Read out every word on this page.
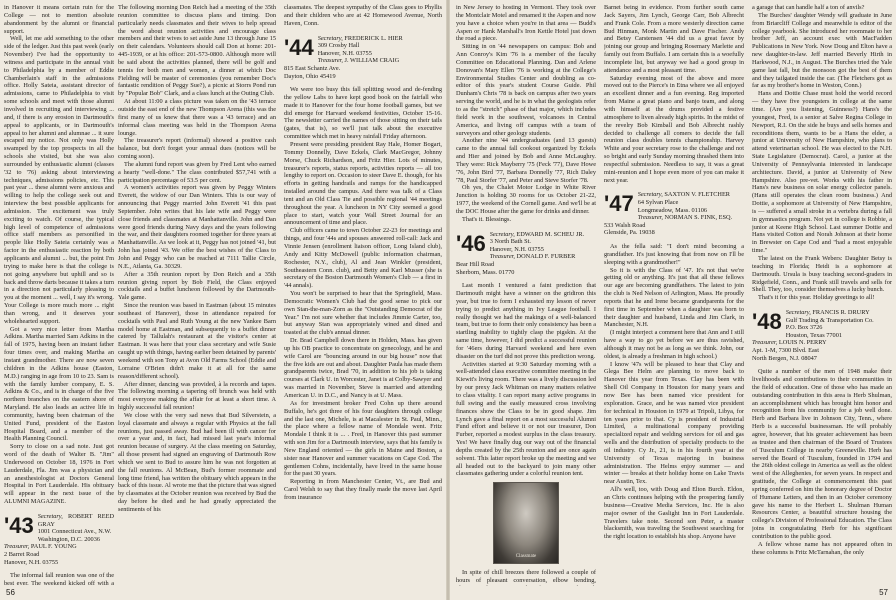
in Hanover it means certain ruin for the College — not to mention absolute abandonment by the alumni or financial support.

Well, let me add something to the other side of the ledger. Just this past week (early November) I've had the opportunity to witness and participate in the annual visit to Philadelphia by a member of Eddie Chamberlain's staff in the admissions office. Holly Sateia, assistant director of admissions, came to Philadelphia to visit some schools and meet with those alumni involved in recruiting and interviewing ... and, if there is any erosion in Dartmouth's appeal to applicants, or in Dartmouth's appeal to her alumni and alumnae ... it sure escaped my notice. Not only was Holly swamped by the top prospects in all the schools she visited, but she was also surrounded by enthusiastic alumni (classes '32 to '76) asking about interviewing techniques, admissions policies, etc. This past year ... these alumni were anxious and willing to help the college seek out and interview the best possible applicants for admission. The excitement was truly exciting to watch. Of course, the typical high level of competence of admissions office staff members as personified in people like Holly Sateia certainly was a factor in the enthusiastic reaction by both applicants and alumni ... but, the point I'm trying to make here is that the college is not going anywhere but uphill and so is back and throw darts because it takes a turn in a direction not particularly pleasing to you at the moment ... well, I say it's wrong. Your College is more much more ... right than wrong, and it deserves your wholehearted support.

Got a very nice letter from Martha Adkins. Martha married Sam Adkins in the fall of 1975, having been an instant father four times over, and making Martha an instant grandmother. There are now seven children in the Adkins house (Easton, M.D.) ranging in age from 10 to 23. Sam is with the family lumber company, E. S. Adkins & Co., and is in charge of the five northern branches on the eastern shore of Maryland. He also leads an active life in community, having been chairman of the United Fund, president of the Easton Hospital Board, and a member of the Health Planning Council.

Sorry to close on a sad note. Just got word of the death of Walter B. "Jim" Underwood on October 18, 1976 in Fort Lauderdale, Fla. Jim was a physician and an anesthesiologist at Doctors General Hospital in Fort Lauderdale. His obituary will appear in the next issue of the ALUMNI MAGAZINE.

'43 Secretary, ROBERT REED GRAY
1001 Connecticut Ave., N.W.
Washington, D.C. 20036
Treasurer, PAUL F. YOUNG
2 Barret Road
Hanover, N.H. 03755

The informal fall reunion was one of the best ever. The weekend kicked off with a

The following morning Don Reich had a meeting of the 35th reunion committee to discuss plans and timing. Don particularly needs classmates and their wives to help spread the word about reunion activities and encourage class members and their wives to set aside June 13 through June 15 on their calendars. Volunteers should call Don at home: 201-445-1939, or at his office: 201-573-0800. Although more will be said about the activities planned, there will be golf and tennis for both men and women, a dinner at which Doc Fielding will be master of ceremonies (you remember Doc's fantastic rendition of Peggy Sue?), a picnic at Storrs Pond run by "Popular Bob" Clark, and a class lunch at the Outing Club.

At about 11:00 a class picture was taken on the '43 terrace outside the east end of the new Thompson Arena (this was the first many of us knew that there was a '43 terrace) and an informal class meeting was held in the Thompson Arena lounge.

The treasurer's report (informal) showed a positive cash balance, but don't forget your annual dues (notices will be coming soon).

The alumni fund report was given by Fred Lent who earned a hearty "well-done." The class contributed $57,741 with a participation percentage of 53.5 per cent.

A women's activities report was given by Peggy Winters Everett, the widow of our Dan Winters. This is our way of announcing that Peggy married John Everett '41 this past September. John writes that his late wife and Peggy were close friends and classmates at Manhattanville. John and Dan were good friends during Navy days and the years following the war, and their daughters roomed together for three years at Manhattanville. As we look at it, Peggy has not joined '41, but John has joined '43. We offer the best wishes of the Class to John and Peggy who can be reached at 7111 Tallie Circle, N.E., Atlanta, Ga. 30329.

After a 35th reunion report by Don Reich and a 35th reunion giving report by Bob Field, the Class enjoyed cocktails and a buffet luncheon followed by the Dartmouth-Yale game.

Since the reunion was based in Eastman (about 15 minutes southeast of Hanover), those in attendance repaired for cocktails with Paul and Ruth Young at the new Yankee Barn model home at Eastman, and subsequently to a buffet dinner catered by Tallulah's restaurant at the visitor's center at Eastman. It was here that your class secretary and wife Susie caught up with things, having earlier been detained by parents' weekend with son Tony at Avon Old Farms School (Eddie and Lorraine O'Brien didn't make it at all for the same reason/different school).

After dinner, dancing was provided, à la records and tapes. The following morning a tapering off brunch was held with most everyone making the affair for at least a short time. A highly successful fall reunion!

We close with the very sad news that Bud Silverstein, a loyal classmate and always a regular with Physics at the fall reunions, just passed away. Bud had been ill with cancer for over a year and, in fact, had missed last year's informal reunion because of surgery. At the class meeting on Saturday, all those present had signed an engraving of Dartmouth Row which we sent to Bud to assure him he was not forgotten at the fall reunions. Al McBean, Bud's former roommate and long time friend, has written the obituary which appears in the back of this issue. Al wrote me that the picture that was signed by classmates at the October reunion was received by Bud the day before he died and he had greatly appreciated the sentiments of his

classmates. The deepest sympathy of the Class goes to Phyllis and their children who are at 42 Homewood Avenue, North Haven, Conn.

'44 Secretary, FREDERICK L. HIER
309 Crosby Hall
Hanover, N.H. 03755
Treasurer, J. WILLIAM CRAIG
815 East Schantz Ave.
Dayton, Ohio 45419

We were too busy this fall splitting wood and de-fending the yellow Labs to have kept good book on the fairfall who made it to Hanover for the four home football games, but we did emerge for Harvard weekend festivities, October 15-16. The newsletter carried the names of those sitting on their tails (gates, that is), so we'll just talk about the executive committee which met in heavy rainfall Friday afternoon.

Present were presiding president Ray Hale, Homer Bogart, Tommy Donnelly, Dave Eckels, Clark MacGregor, Johnny Morse, Chuck Richardson, and Fritz Hier. Lots of minutes, treasurer's reports, status reports, activities reports — all too lengthy to report on. Occasion to steer Dave E. though, for his efforts in getting handrails and ramps for the handicapped installed around the campus. And there was talk of a Class tent and an Old Class Tie and possible regional '44 meetings throughout the year. A luncheon in NY City seemed a good place to start, watch your Wall Street Journal for an announcement of time and place.

Club officers came to town October 22-23 for meetings and things, and four '44s and spouses answered roll-call: Jack and Vinnie Jensen (enrollment liaison officer, Long Island club), Andy and Kitty McDowell (public information chairman, Rochester, N.Y., club), Al and Jean Winkler (president, Southeastern Conn. club), and Betty and Karl Musser (she is secretary of the Boston Dartmouth Women's Club — a first in '44 annals).

You won't be surprised to hear that the Springfield, Mass. Democratic Women's Club had the good sense to pick our own Stan-the-man-Zorn as the "Outstanding Democrat of the Year." I'm not sure whether that includes Jimmie Carter, too, but anyway Stan was appropriately wined and dined and toasted at the club's annual dinner.

Dr. Brad Campbell down there in Holden, Mass. has given up his OB practice to concentrate on gynecology, and he and wife Carol are "bouncing around in our big house" now that the five kids are out and about. Daughter Paula has made them grandparents twice, Brad '70, in addition to his job is taking courses at Clark U. in Worcester, Janet is at Colby-Sawyer and was married in November, Steve is married and attending American U. in D.C., and Nancy is at U. Mass.

As for investment broker Fred Cohn up there around Buffalo, he's got three of his four daughters through college and the last one, Michele, is at Macalester in St. Paul, Minn., the place where a fellow name of Mondale went. Fritz Mondale I think it is ... . Fred, in Hanover this past summer with son Jim for a Dartmouth interview, says that his family is New England oriented — the girls in Maine and Boston, a sister near Hanover and summer vacations on Cape Cod. The gentlemen Cohns, incidentally, have lived in the same house for the past 30 years.

Reporting in from Manchester Center, Vt., are Bud and Carol Welsh to say that they finally made the move last April from insurance

56

in New Jersey to hosting in Vermont. They took over the Montclair Motel and renamed it the Aspen and now you have a choice when you're in that area — Budd's Aspen or Hank Marshall's Iron Kettle Hotel just down the road a piece.

Sitting in on '44 newspapers on campus: Bob and Ann Conroy's Kim '76 is a member of the faculty Committee on Educational Planning. Dan and Arlene Donovan's Mary Ellen '76 is working at the College's Environmental Studies Center and doubling as co-editor of this year's student Course Guide. Phil Dunham's Chris '78 is back on campus after two years serving the world, and he is in what the geologists refer to as the "stretch" phase of that major, which includes field work in the southwest, volcanoes in Central America, and living off campus with a team of surveyors and other geology students.

Another nine '44 undergraduates (and 13 guests) came to the annual fall cookout organized by Eckels and Hier and joined by Bob and Anne McLaughry. They were: Rick Mayberry '75 (Feck '77), Dave Howe '76, John Bird '77, Barbara Donnelly '77, Rich Daley '78, Paul Storfer '77, and Peter and Steve Storfer '78.

Oh yes, the Chalet Motor Lodge in White River Junction is holding 30 rooms for us October 21-22, 1977, the weekend of the Cornell game. And we'll be at the DOC House after the game for drinks and dinner.

That's it. Blessings.

'46 Secretary, EDWARD M. SCHEU JR.
3 North Bath St.
Hanover, N.H. 03755
Treasurer, DONALD F. FURBER
Bear Hill Road
Sherborn, Mass. 01770

Last month I ventured a faint prediction that Dartmouth might have a winner on the gridiron this year, but true to form I exhausted my lesson of never trying to predict anything in Ivy League football. I really thought we had the makings of a well-balanced team, but true to form their only consistency has been a startling inability to tightly clasp the pigskin. At the same time, however, I did predict a successful reunion for '46ers during Harvard weekend and here even disaster on the turf did not prove this prediction wrong.

Activities started at 9:30 Saturday morning with a well-attended class executive committee meeting in the Kiewit's living room. There was a lively discussion led by our prexy Jack Whitman on many matters relative to class vitality. I can report many active programs in full swing and the easily measured cross involving finances show the Class to be in good shape. Jim Lynch gave a final report on a most successful Alumni Fund effort and believe it or not our treasurer, Don Furber, reported a modest surplus in the class treasury. Yes! We have finally dug our way out of the financial depths created by the 25th reunion and are once again solvent. This latter report broke up the meeting and we all headed out to the backyard to join many other classmates gathering under a colorful reunion tent.

Classmate

In spite of chill breezes there followed a couple of hours of pleasant conversation, elbow bending,

Barnet being in evidence. From further south came Jack Sayers, Jim Lynch, George Carr, Bob Albrecht and Frank Cole. From a more westerly direction came Bud Hinman, Monk Martin and Dave Fischer. Andy and Betsy Carstensen '44 did us a great favor by joining our group and bringing Rosemary Marlette and family out from Buffalo. I am certain this is a woefully incomplete list, but anyway we had a good group in attendance and a most pleasant time.

Saturday evening most of the above and more moved out to the Pierce's in Etna where we all enjoyed an excellent dinner and a fun evening. Reg imported from Maine a great piano and banjo team, and along with himself at the drums provided a festive atmosphere to liven already high spirits. In the midst of the revelry Bob Kimball and Bob Albrecht rashly decided to challenge all comers to decide the fall reunion class doubles tennis championship. Harvey White and your secretary rose to the challenge and not so bright and early Sunday morning thrashed them into respectful submission. Needless to say, it was a great mini-reunion and I hope even more of you can make it next year.

'47 Secretary, SAXTON V. FLETCHER
64 Sylvan Place
Longmeadow, Mass. 01106
Treasurer, NORMAN S. FINK, ESQ.
533 Walsh Road
Glenside, Pa. 19038

As the fella said: "I don't mind becoming a grandfather. It's just knowing that from now on I'll be sleeping with a grandmother!"

So it is with the Class of '47. It's not that we're getting old or anything. It's just that all these fellows our age are becoming grandfathers. The latest to join the club is Ned Nelson of Arlington, Mass. He proudly reports that he and Irene became grandparents for the first time in September when a daughter was born to their daughter and husband, Linda and Jim Clark, in Manchester, N.H.

(I might interject a comment here that Ann and I still have a way to go yet before we are thus ravished, although it may not be as long as we think. John, our oldest, is already a freshman in high school.)

I know '47s will be pleased to hear that Clay and Glega Bee Helm are planning to move back to Hanover this year from Texas. Clay has been with Shell Oil Company in Houston for many years and now Bee has been named vice president for exploration. Grace, and he was named vice president for technical in Houston in 1979 at Tripoli, Libya, for ten years prior to that. Cy is president of Industrial Limited, a multinational company providing specialized repair and welding services for oil and gas wells and the distribution of specialty products to the oil industry. Cy Jr., 21, is in his fourth year at the University of Texas majoring in business administration. The Helms enjoy summer — and winter — breaks at their holiday home on Lake Travis near Austin, Tex.

All's well, too, with Doug and Elton Burch. Eldon, an Chris continues helping with the prospering family business—Creative Media Services, Inc. He is also major owner of the Gaslight Inn in Fort Lauderdale. Travelers take note. Second son Peter, a master blacksmith, was traveling the Southwest searching for the right location to establish his shop. Anyone have

a garage that can handle half a ton of anvils?

The Burches' daughter Wendy will graduate in June from Briarcliff College and meanwhile is editor of the college yearbook. She introduced her roommate to her brother Jeff, an account exec with MacFadden Publications in New York. Now Doug and Elton have a new daughter-in-law. Jeff married Beverly Hirth in Harkwood, N.J., in August. The Burches tried the Yale game last fall, but the monsoon got the best of them and they tailgated inside the car. (The Fletchers got as far as my brother's home in Weston, Conn.)

Hans and Dottie Chase must hold the world record — they have five youngsters in college at the same time. (Are you listening, Guinness?) Hans's the youngest, Fred, is a senior at Salve Regina College in Newport, R.I. On the side he buys and sells homes and reconditions them, wants to be a Hans the elder, a junior at University of New Hampshire, who plans to attend veterinarian school. He was elected to the N.H. State Legislature (Democrat). Carol, a junior at the University of Pennsylvania interested in landscape architecture. David, a junior at University of New Hampshire. Also pre-vet. Works with his father in Hans's new business on solar energy collector panels. (Hans still operates the clean room business.) And Dottie, a sophomore at University of New Hampshire, is — suffered a small stroke in a vertebra during a fall in gymnastics program. Not yet in college is Robbie, a junior at Keene High School. Last summer Dottie and Hans visited Cotton and Norah Johnson at their home in Brewster on Cape Cod and "had a most enjoyable time."

The latest on the Frank Webers: Daughter Betsy is teaching in Florida; Heidi is a sophomore at Dartmouth. Ursula is busy teaching second-graders in Ridgefield, Conn., and Frank still travels and sells for Shell. They, too, consider themselves a lucky bunch.

That's it for this year. Holiday greetings to all!

'48 Secretary, FRANCIS R. DRURY
Gulf Trading & Transportation Co.
P.O. Box 3726
Houston, Texas 77001
Treasurer, LOUIS N. PERRY
Apt. 1-M, 7300 Blvd. East
North Bergen, N.J. 08047

Quite a number of the men of 1948 make their livelihoods and contributions to their communities in the field of education. One of those who has made an outstanding contribution in this area is Herb Shulman, an accomplishment which has brought him honor and recognition from his community for a job well done. Herb and Barbara live in Johnson City, Tenn., where Herb is a successful businessman. He will probably agree, however, that his greater achievement has been as trustee and then chairman of the Board of Trustees of Tusculum College in nearby Greeneville. Herb has served the Board of Tusculum, founded in 1794 and the 26th oldest college in America as well as the oldest west of the Alleghenies, for seven years. In respect and gratitude, the College at commencement this past spring conferred on him the honorary degree of Doctor of Humane Letters, and then in an October ceremony gave his name to the Herbert L. Shulman Human Resources Center, a beautiful structure housing the college's Division of Professional Education. The Class joins in congratulating Herb for his significant contribution to the public good.

A fellow whose name has not appeared often in these columns is Fritz McTarnahan, the only

57
